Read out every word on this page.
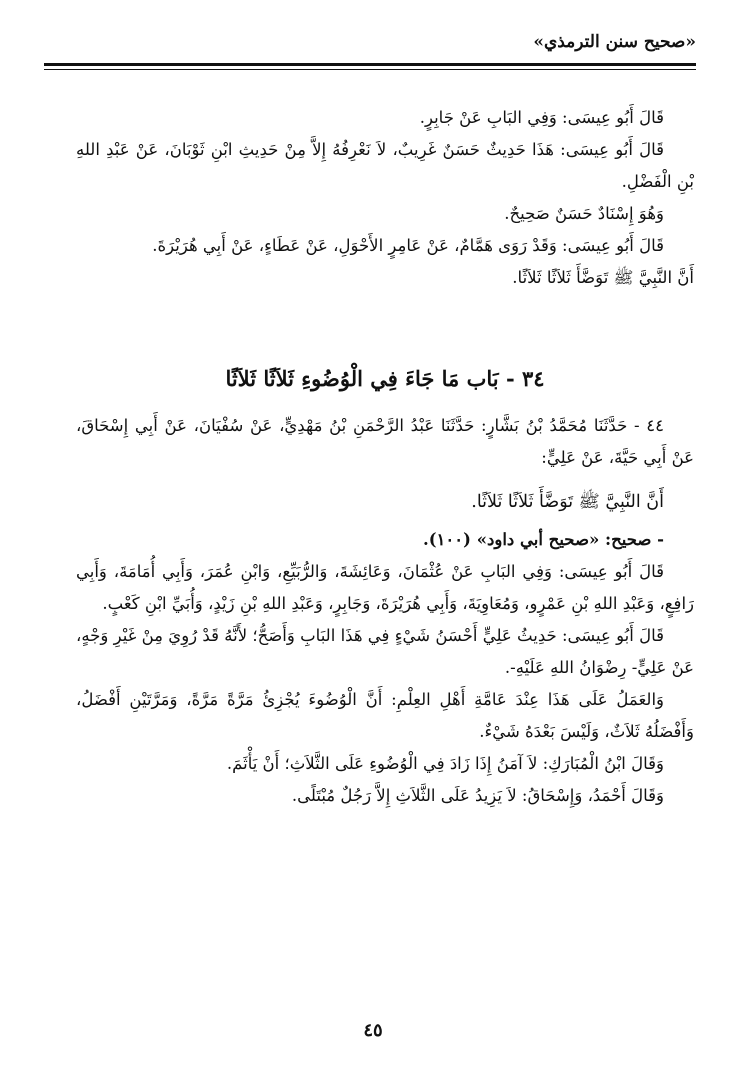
«صحيح سنن الترمذي»

قَالَ أَبُو عِيسَى: وَفِي البَابِ عَنْ جَابِرٍ.

قَالَ أَبُو عِيسَى: هَذَا حَدِيثٌ حَسَنٌ غَرِيبٌ، لاَ نَعْرِفُهُ إِلاَّ مِنْ حَدِيثِ ابْنِ ثَوْبَانَ، عَنْ عَبْدِ اللهِ بْنِ الْفَضْلِ.

وَهُوَ إِسْنَادٌ حَسَنٌ صَحِيحٌ.

قَالَ أَبُو عِيسَى: وَقَدْ رَوَى هَمَّامٌ، عَنْ عَامِرٍ الأَحْوَلِ، عَنْ عَطَاءٍ، عَنْ أَبِي هُرَيْرَةَ.

أَنَّ النَّبِيَّ ﷺ تَوَضَّأَ ثَلاَثًا ثَلاَثًا.

٣٤ - بَاب مَا جَاءَ فِي الْوُضُوءِ ثَلاَثًا ثَلاَثًا

٤٤ - حَدَّثَنَا مُحَمَّدُ بْنُ بَشَّارٍ: حَدَّثَنَا عَبْدُ الرَّحْمَنِ بْنُ مَهْدِيٍّ، عَنْ سُفْيَانَ، عَنْ أَبِي إِسْحَاقَ، عَنْ أَبِي حَيَّةَ، عَنْ عَلِيٍّ:

أَنَّ النَّبِيَّ ﷺ تَوَضَّأَ ثَلاَثًا ثَلاَثًا.

- صحيح: «صحيح أبي داود» (١٠٠).

قَالَ أَبُو عِيسَى: وَفِي البَابِ عَنْ عُثْمَانَ، وَعَائِشَةَ، وَالرُّبَيِّعِ، وَابْنِ عُمَرَ، وَأَبِي أُمَامَةَ، وَأَبِي رَافِعٍ، وَعَبْدِ اللهِ بْنِ عَمْرٍو، وَمُعَاوِيَةَ، وَأَبِي هُرَيْرَةَ، وَجَابِرٍ، وَعَبْدِ اللهِ بْنِ زَيْدٍ، وَأُبَيِّ ابْنِ كَعْبٍ.

قَالَ أَبُو عِيسَى: حَدِيثُ عَلِيٍّ أَحْسَنُ شَيْءٍ فِي هَذَا البَابِ وَأَصَحُّ؛ لأَنَّهُ قَدْ رُوِيَ مِنْ غَيْرِ وَجْهٍ، عَنْ عَلِيٍّ- رِضْوَانُ اللهِ عَلَيْهِ-.

وَالعَمَلُ عَلَى هَذَا عِنْدَ عَامَّةِ أَهْلِ العِلْمِ: أَنَّ الْوُضُوءَ يُجْزِئُ مَرَّةً مَرَّةً، وَمَرَّتَيْنِ أَفْضَلُ، وَأَفْضَلُهُ ثَلاَثٌ، وَلَيْسَ بَعْدَهُ شَيْءٌ.

وَقَالَ ابْنُ الْمُبَارَكِ: لاَ آمَنُ إِذَا زَادَ فِي الْوُضُوءِ عَلَى الثَّلاَثِ؛ أَنْ يَأْثَمَ.

وَقَالَ أَحْمَدُ، وَإِسْحَاقُ: لاَ يَزِيدُ عَلَى الثَّلاَثِ إِلاَّ رَجُلٌ مُبْتَلًى.

٤٥
